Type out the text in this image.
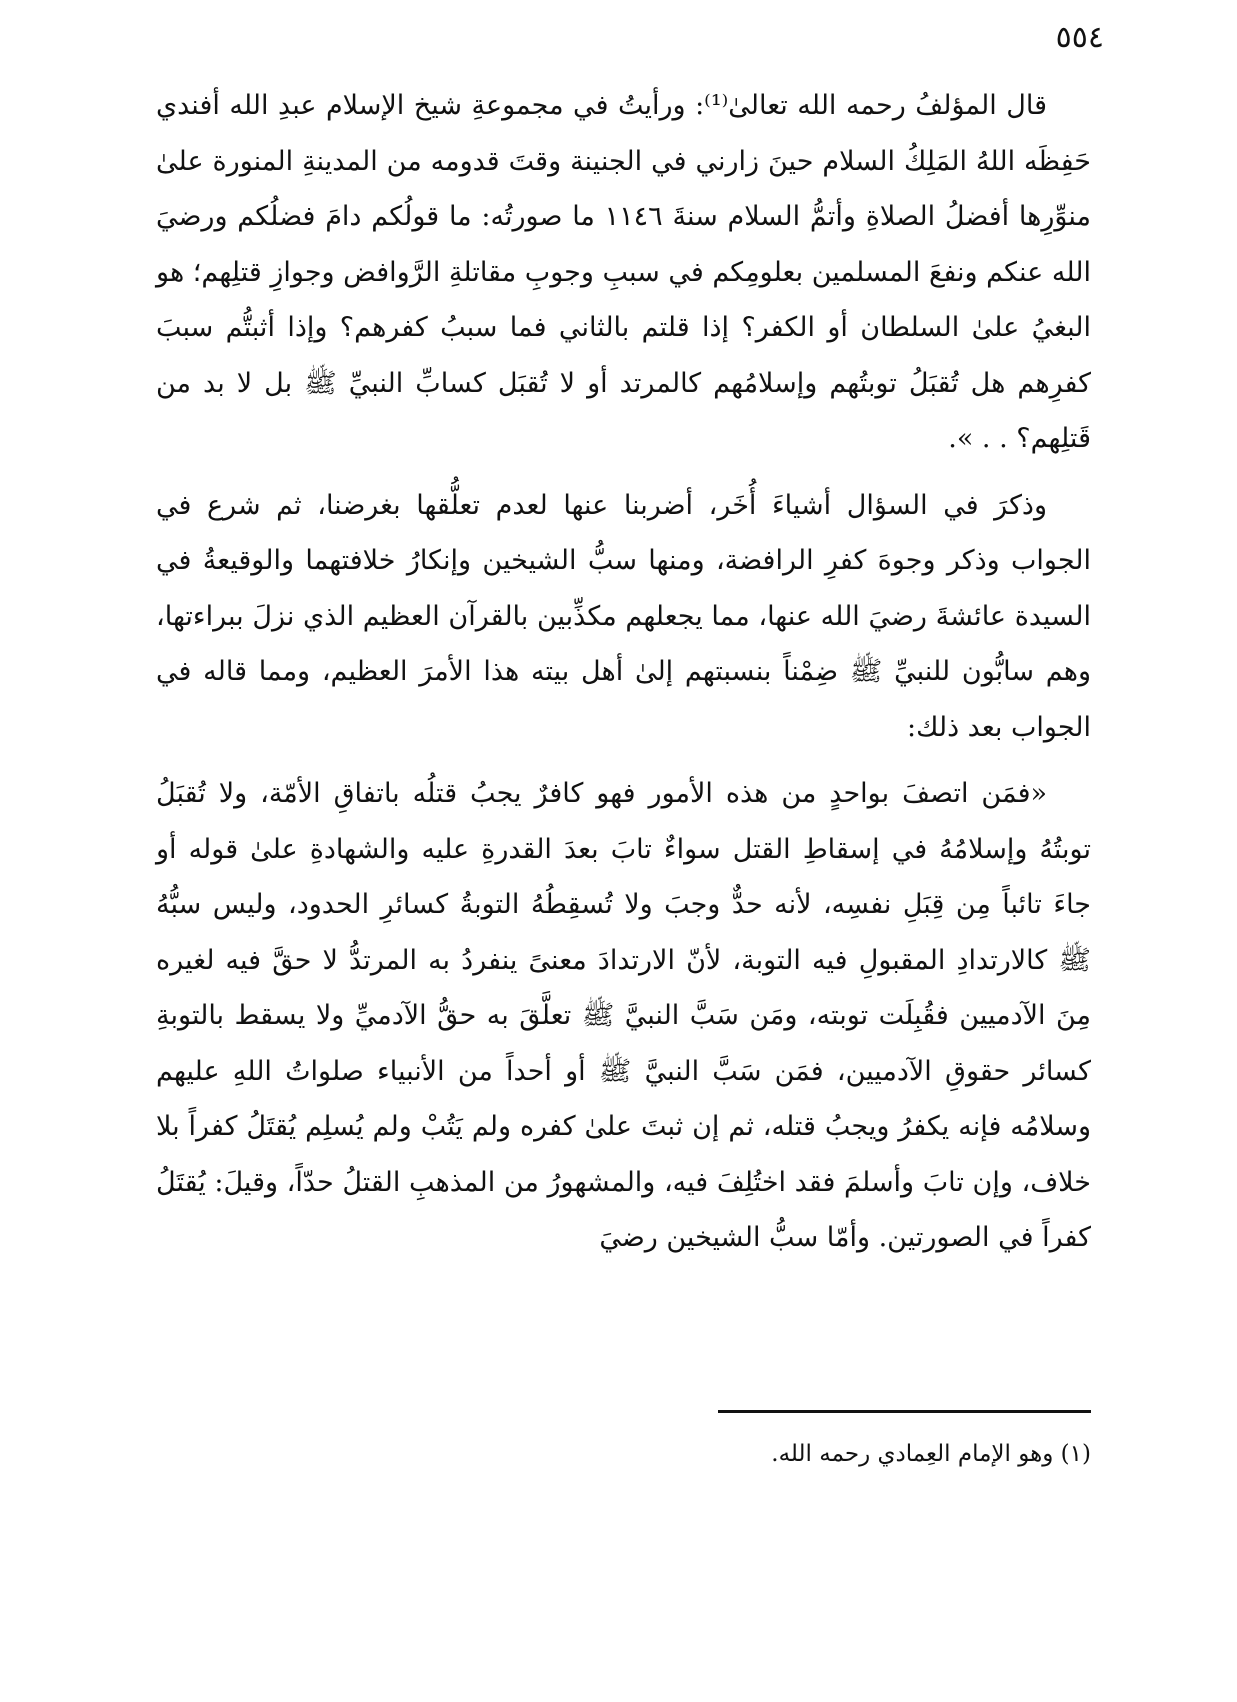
٥٥٤

قال المؤلفُ رحمه الله تعالىٰ⁽¹⁾: ورأيتُ في مجموعةِ شيخ الإسلام عبدِ الله أفندي حَفِظَه اللهُ المَلِكُ السلام حينَ زارني في الجنينة وقتَ قدومه من المدينةِ المنورة علىٰ منوِّرِها أفضلُ الصلاةِ وأتمُّ السلام سنةَ ١١٤٦ ما صورتُه: ما قولُكم دامَ فضلُكم ورضيَ الله عنكم ونفعَ المسلمين بعلومِكم في سببِ وجوبِ مقاتلةِ الرَّوافض وجوازِ قتلِهم؛ هو البغيُ علىٰ السلطان أو الكفر؟ إذا قلتم بالثاني فما سببُ كفرهم؟ وإذا أثبتُّم سببَ كفرِهم هل تُقبَلُ توبتُهم وإسلامُهم كالمرتد أو لا تُقبَل كسابِّ النبيِّ ﷺ بل لا بد من قَتلِهم؟ . . ».

وذكرَ في السؤال أشياءَ أُخَر، أضربنا عنها لعدم تعلُّقها بغرضنا، ثم شرع في الجواب وذكر وجوهَ كفرِ الرافضة، ومنها سبُّ الشيخين وإنكارُ خلافتهما والوقيعةُ في السيدة عائشةَ رضيَ الله عنها، مما يجعلهم مكذِّبين بالقرآن العظيم الذي نزلَ ببراءتها، وهم سابُّون للنبيِّ ﷺ ضِمْناً بنسبتهم إلىٰ أهل بيته هذا الأمرَ العظيم، ومما قاله في الجواب بعد ذلك:

«فمَن اتصفَ بواحدٍ من هذه الأمور فهو كافرٌ يجبُ قتلُه باتفاقِ الأمّة، ولا تُقبَلُ توبتُهُ وإسلامُهُ في إسقاطِ القتل سواءٌ تابَ بعدَ القدرةِ عليه والشهادةِ علىٰ قوله أو جاءَ تائباً مِن قِبَلِ نفسِه، لأنه حدٌّ وجبَ ولا تُسقِطُهُ التوبةُ كسائرِ الحدود، وليس سبُّهُ ﷺ كالارتدادِ المقبولِ فيه التوبة، لأنّ الارتدادَ معنىً ينفردُ به المرتدُّ لا حقَّ فيه لغيره مِنَ الآدميين فقُبِلَت توبته، ومَن سَبَّ النبيَّ ﷺ تعلَّقَ به حقُّ الآدميِّ ولا يسقط بالتوبةِ كسائر حقوقِ الآدميين، فمَن سَبَّ النبيَّ ﷺ أو أحداً من الأنبياء صلواتُ اللهِ عليهم وسلامُه فإنه يكفرُ ويجبُ قتله، ثم إن ثبتَ علىٰ كفره ولم يَتُبْ ولم يُسلِم يُقتَلُ كفراً بلا خلاف، وإن تابَ وأسلمَ فقد اختُلِفَ فيه، والمشهورُ من المذهبِ القتلُ حدّاً، وقيلَ: يُقتَلُ كفراً في الصورتين. وأمّا سبُّ الشيخين رضيَ

(١) وهو الإمام العِمادي رحمه الله.
